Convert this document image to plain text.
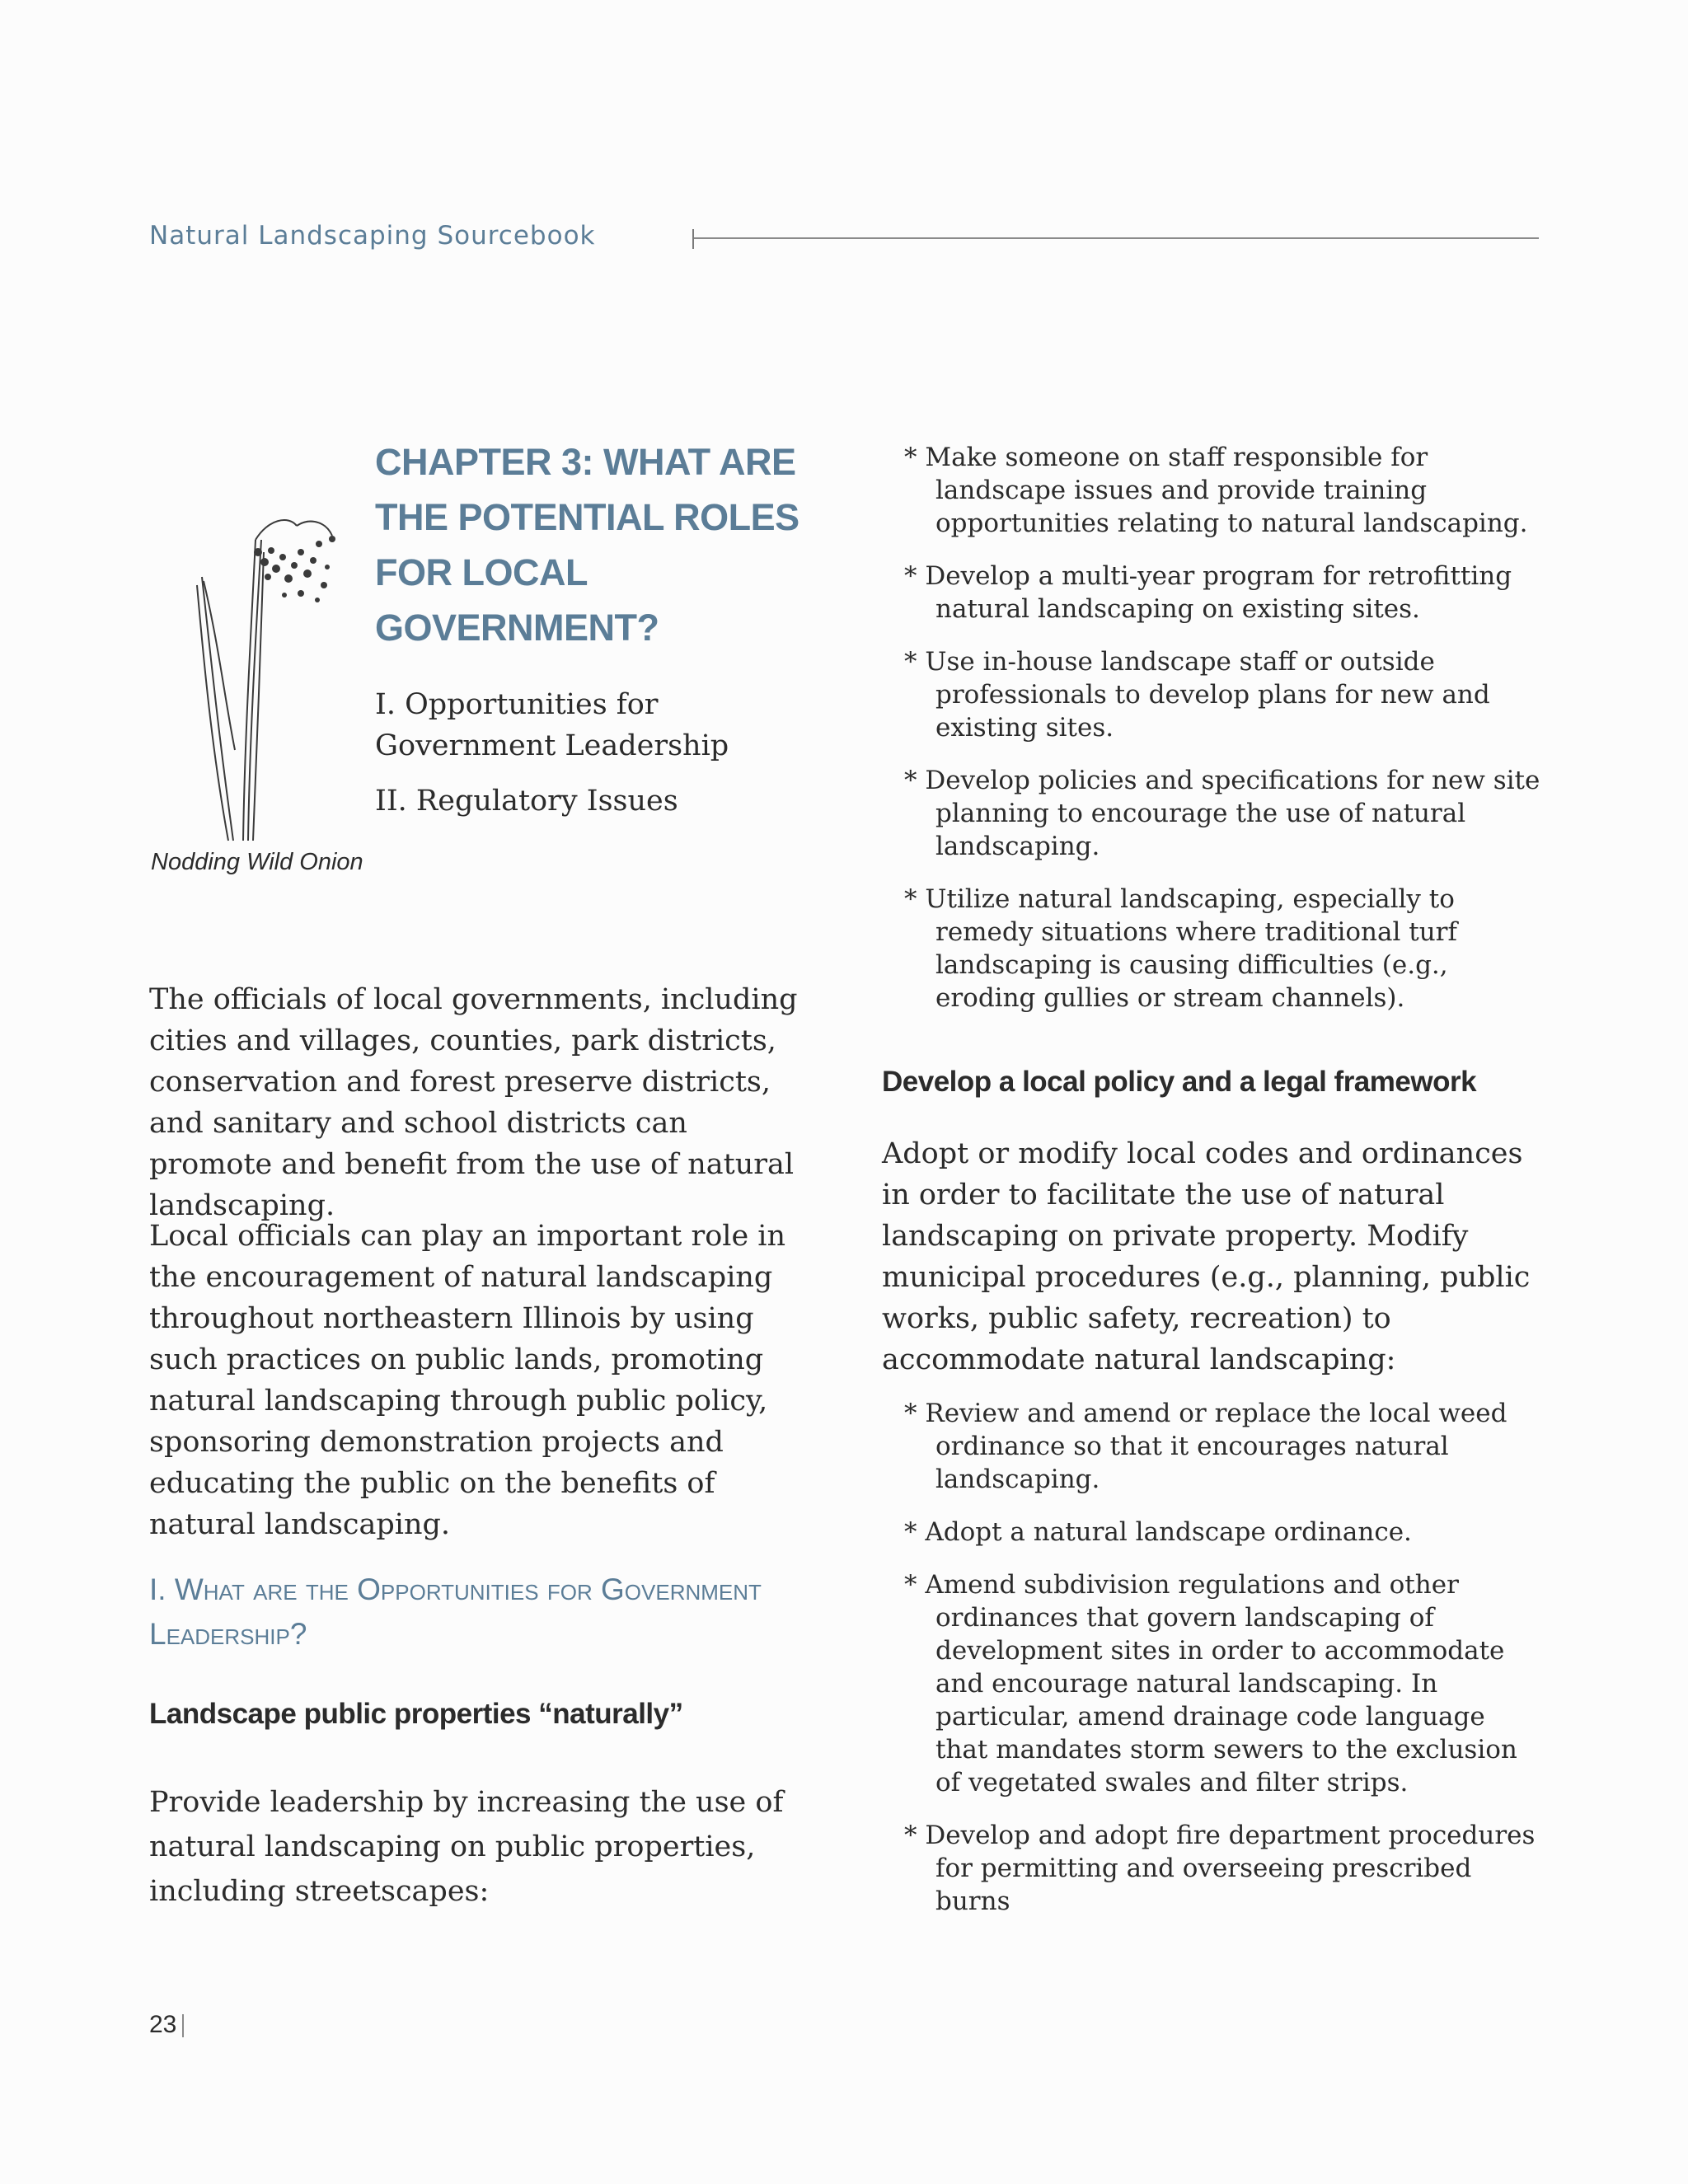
Natural Landscaping Sourcebook
Nodding Wild Onion
CHAPTER 3: WHAT ARE THE POTENTIAL ROLES FOR LOCAL GOVERNMENT?
I. Opportunities for Government Leadership
II. Regulatory Issues
The officials of local governments, including cities and villages, counties, park districts, conservation and forest preserve districts, and sanitary and school districts can promote and benefit from the use of natural landscaping.
Local officials can play an important role in the encouragement of natural landscaping throughout northeastern Illinois by using such practices on public lands, promoting natural landscaping through public policy, sponsoring demonstration projects and educating the public on the benefits of natural landscaping.
I. What are the Opportunities for Government Leadership?
Landscape public properties “naturally”
Provide leadership by increasing the use of natural landscaping on public properties, including streetscapes:
* Make someone on staff responsible for landscape issues and provide training opportunities relating to natural landscaping.
* Develop a multi-year program for retrofitting natural landscaping on existing sites.
* Use in-house landscape staff or outside professionals to develop plans for new and existing sites.
* Develop policies and specifications for new site planning to encourage the use of natural landscaping.
* Utilize natural landscaping, especially to remedy situations where traditional turf landscaping is causing difficulties (e.g., eroding gullies or stream channels).
Develop a local policy and a legal framework
Adopt or modify local codes and ordinances in order to facilitate the use of natural landscaping on private property. Modify municipal procedures (e.g., planning, public works, public safety, recreation) to accommodate natural landscaping:
* Review and amend or replace the local weed ordinance so that it encourages natural landscaping.
* Adopt a natural landscape ordinance.
* Amend subdivision regulations and other ordinances that govern landscaping of development sites in order to accommodate and encourage natural landscaping. In particular, amend drainage code language that mandates storm sewers to the exclusion of vegetated swales and filter strips.
* Develop and adopt fire department procedures for permitting and overseeing prescribed burns
23
